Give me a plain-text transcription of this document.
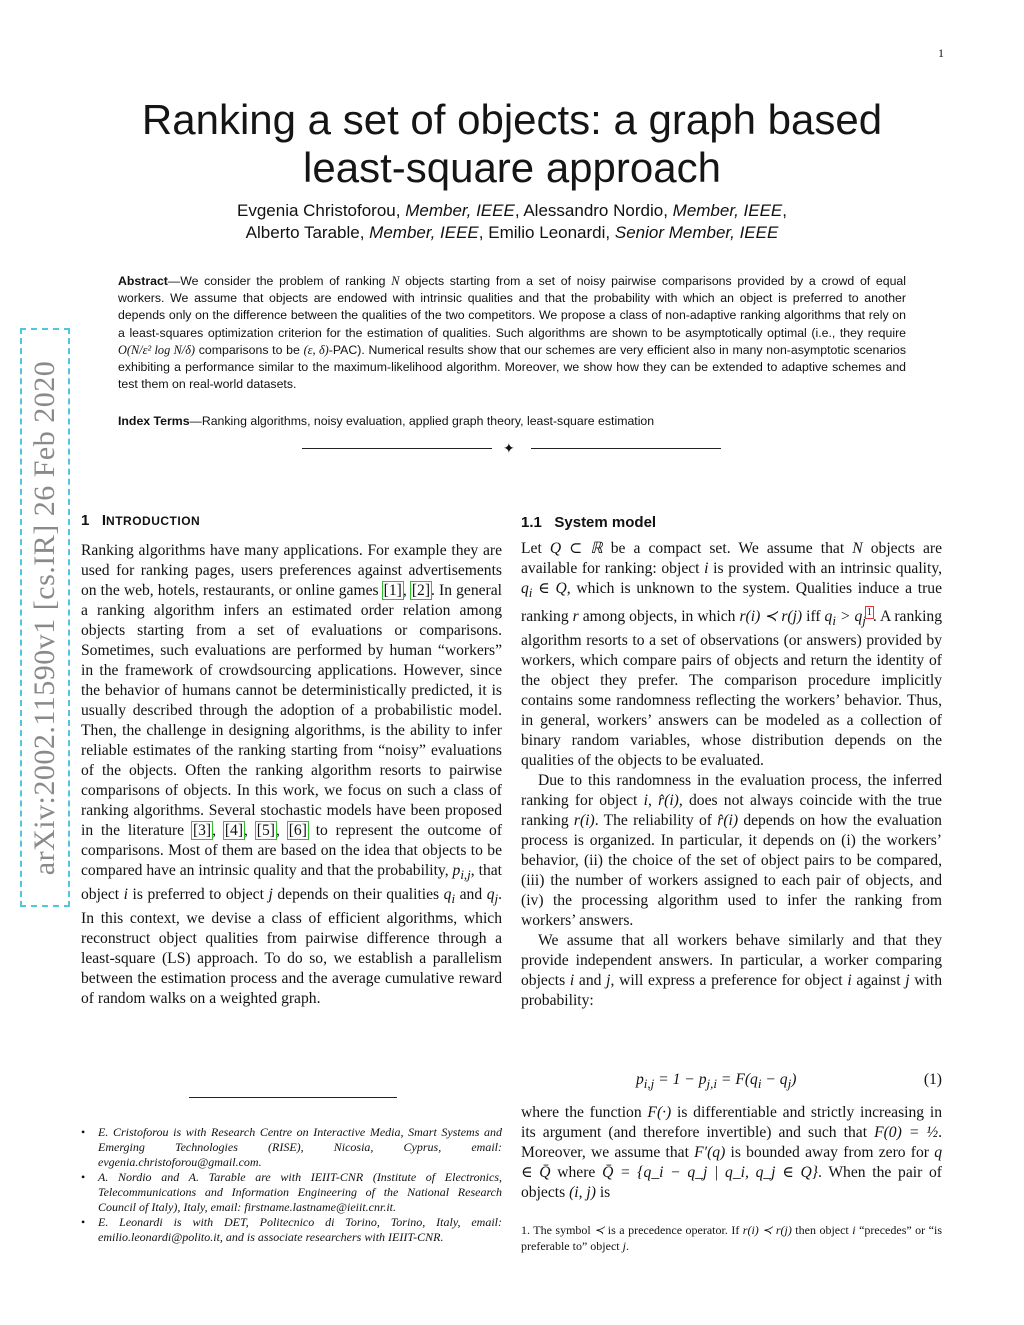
1
arXiv:2002.11590v1 [cs.IR] 26 Feb 2020
Ranking a set of objects: a graph based least-square approach
Evgenia Christoforou, Member, IEEE, Alessandro Nordio, Member, IEEE,
Alberto Tarable, Member, IEEE, Emilio Leonardi, Senior Member, IEEE
Abstract—We consider the problem of ranking N objects starting from a set of noisy pairwise comparisons provided by a crowd of equal workers. We assume that objects are endowed with intrinsic qualities and that the probability with which an object is preferred to another depends only on the difference between the qualities of the two competitors. We propose a class of non-adaptive ranking algorithms that rely on a least-squares optimization criterion for the estimation of qualities. Such algorithms are shown to be asymptotically optimal (i.e., they require O(N/ε² log N/δ) comparisons to be (ε, δ)-PAC). Numerical results show that our schemes are very efficient also in many non-asymptotic scenarios exhibiting a performance similar to the maximum-likelihood algorithm. Moreover, we show how they can be extended to adaptive schemes and test them on real-world datasets.
Index Terms—Ranking algorithms, noisy evaluation, applied graph theory, least-square estimation
✦
1 INTRODUCTION

Ranking algorithms have many applications. For example they are used for ranking pages, users preferences against advertisements on the web, hotels, restaurants, or online games [1], [2]. In general a ranking algorithm infers an estimated order relation among objects starting from a set of evaluations or comparisons. Sometimes, such evaluations are performed by human “workers” in the framework of crowdsourcing applications. However, since the behavior of humans cannot be deterministically predicted, it is usually described through the adoption of a probabilistic model. Then, the challenge in designing algorithms, is the ability to infer reliable estimates of the ranking starting from “noisy” evaluations of the objects. Often the ranking algorithm resorts to pairwise comparisons of objects. In this work, we focus on such a class of ranking algorithms. Several stochastic models have been proposed in the literature [3], [4], [5], [6] to represent the outcome of comparisons. Most of them are based on the idea that objects to be compared have an intrinsic quality and that the probability, $p_{i,j}$, that object i is preferred to object j depends on their qualities $q_i$ and $q_j$. In this context, we devise a class of efficient algorithms, which reconstruct object qualities from pairwise difference through a least-square (LS) approach. To do so, we establish a parallelism between the estimation process and the average cumulative reward of random walks on a weighted graph.

• E. Cristoforou is with Research Centre on Interactive Media, Smart Systems and Emerging Technologies (RISE), Nicosia, Cyprus, email: evgenia.christoforou@gmail.com.
• A. Nordio and A. Tarable are with IEIIT-CNR (Institute of Electronics, Telecommunications and Information Engineering of the National Research Council of Italy), Italy, email: firstname.lastname@ieiit.cnr.it.
• E. Leonardi is with DET, Politecnico di Torino, Torino, Italy, email: emilio.leonardi@polito.it, and is associate researchers with IEIIT-CNR.
1.1 System model

Let Q ⊂ ℝ be a compact set. We assume that N objects are available for ranking: object i is provided with an intrinsic quality, $q_i$ ∈ Q, which is unknown to the system. Qualities induce a true ranking r among objects, in which r(i) ≺ r(j) iff $q_i > q_j^1$. A ranking algorithm resorts to a set of observations (or answers) provided by workers, which compare pairs of objects and return the identity of the object they prefer. The comparison procedure implicitly contains some randomness reflecting the workers’ behavior. Thus, in general, workers’ answers can be modeled as a collection of binary random variables, whose distribution depends on the qualities of the objects to be evaluated.

Due to this randomness in the evaluation process, the inferred ranking for object i, r̂(i), does not always coincide with the true ranking r(i). The reliability of r̂(i) depends on how the evaluation process is organized. In particular, it depends on (i) the workers’ behavior, (ii) the choice of the set of object pairs to be compared, (iii) the number of workers assigned to each pair of objects, and (iv) the processing algorithm used to infer the ranking from workers’ answers.

We assume that all workers behave similarly and that they provide independent answers. In particular, a worker comparing objects i and j, will express a preference for object i against j with probability:

$p_{i,j} = 1 - p_{j,i} = F(q_i - q_j)$	(1)

where the function F(·) is differentiable and strictly increasing in its argument (and therefore invertible) and such that F(0) = ½. Moreover, we assume that F′(q) is bounded away from zero for q ∈ Q̄ where Q̄ = {q_i − q_j | q_i, q_j ∈ Q}. When the pair of objects (i, j) is

1. The symbol ≺ is a precedence operator. If r(i) ≺ r(j) then object i “precedes” or “is preferable to” object j.
